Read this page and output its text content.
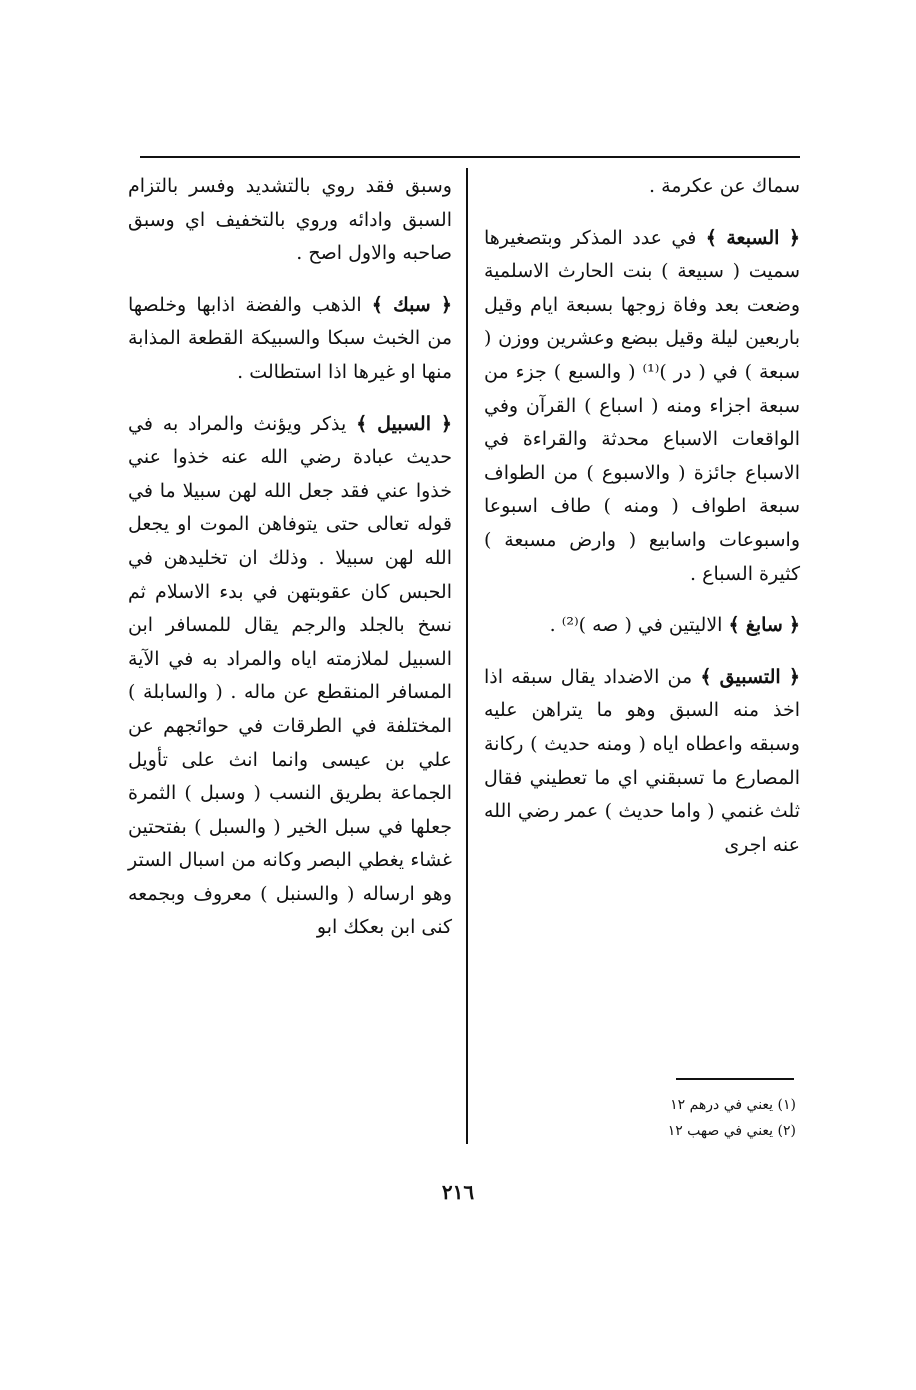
سماك عن عكرمة .

﴿ السبعة ﴾ في عدد المذكر وبتصغيرها سميت ( سبيعة ) بنت الحارث الاسلمية وضعت بعد وفاة زوجها بسبعة ايام وقيل باربعين ليلة وقيل ببضع وعشرين ووزن ( سبعة ) في ( در )⁽¹⁾ ( والسبع ) جزء من سبعة اجزاء ومنه ( اسباع ) القرآن وفي الواقعات الاسباع محدثة والقراءة في الاسباع جائزة ( والاسبوع ) من الطواف سبعة اطواف ( ومنه ) طاف اسبوعا واسبوعات واسابيع ( وارض مسبعة ) كثيرة السباع .

﴿ سابغ ﴾ الاليتين في ( صه )⁽²⁾ .

﴿ التسبيق ﴾ من الاضداد يقال سبقه اذا اخذ منه السبق وهو ما يتراهن عليه وسبقه واعطاه اياه ( ومنه حديث ) ركانة المصارع ما تسبقني اي ما تعطيني فقال ثلث غنمي ( واما حديث ) عمر رضي الله عنه اجرى

وسبق فقد روي بالتشديد وفسر بالتزام السبق وادائه وروي بالتخفيف اي وسبق صاحبه والاول اصح .

﴿ سبك ﴾ الذهب والفضة اذابها وخلصها من الخبث سبكا والسبيكة القطعة المذابة منها او غيرها اذا استطالت .

﴿ السبيل ﴾ يذكر ويؤنث والمراد به في حديث عبادة رضي الله عنه خذوا عني خذوا عني فقد جعل الله لهن سبيلا ما في قوله تعالى حتى يتوفاهن الموت او يجعل الله لهن سبيلا . وذلك ان تخليدهن في الحبس كان عقوبتهن في بدء الاسلام ثم نسخ بالجلد والرجم يقال للمسافر ابن السبيل لملازمته اياه والمراد به في الآية المسافر المنقطع عن ماله . ( والسابلة ) المختلفة في الطرقات في حوائجهم عن علي بن عيسى وانما انث على تأويل الجماعة بطريق النسب ( وسبل ) الثمرة جعلها في سبل الخير ( والسبل ) بفتحتين غشاء يغطي البصر وكانه من اسبال الستر وهو ارساله ( والسنبل ) معروف وبجمعه كنى ابن بعكك ابو

(١) يعني في درهم ١٢
(٢) يعني في صهب ١٢
٢١٦
